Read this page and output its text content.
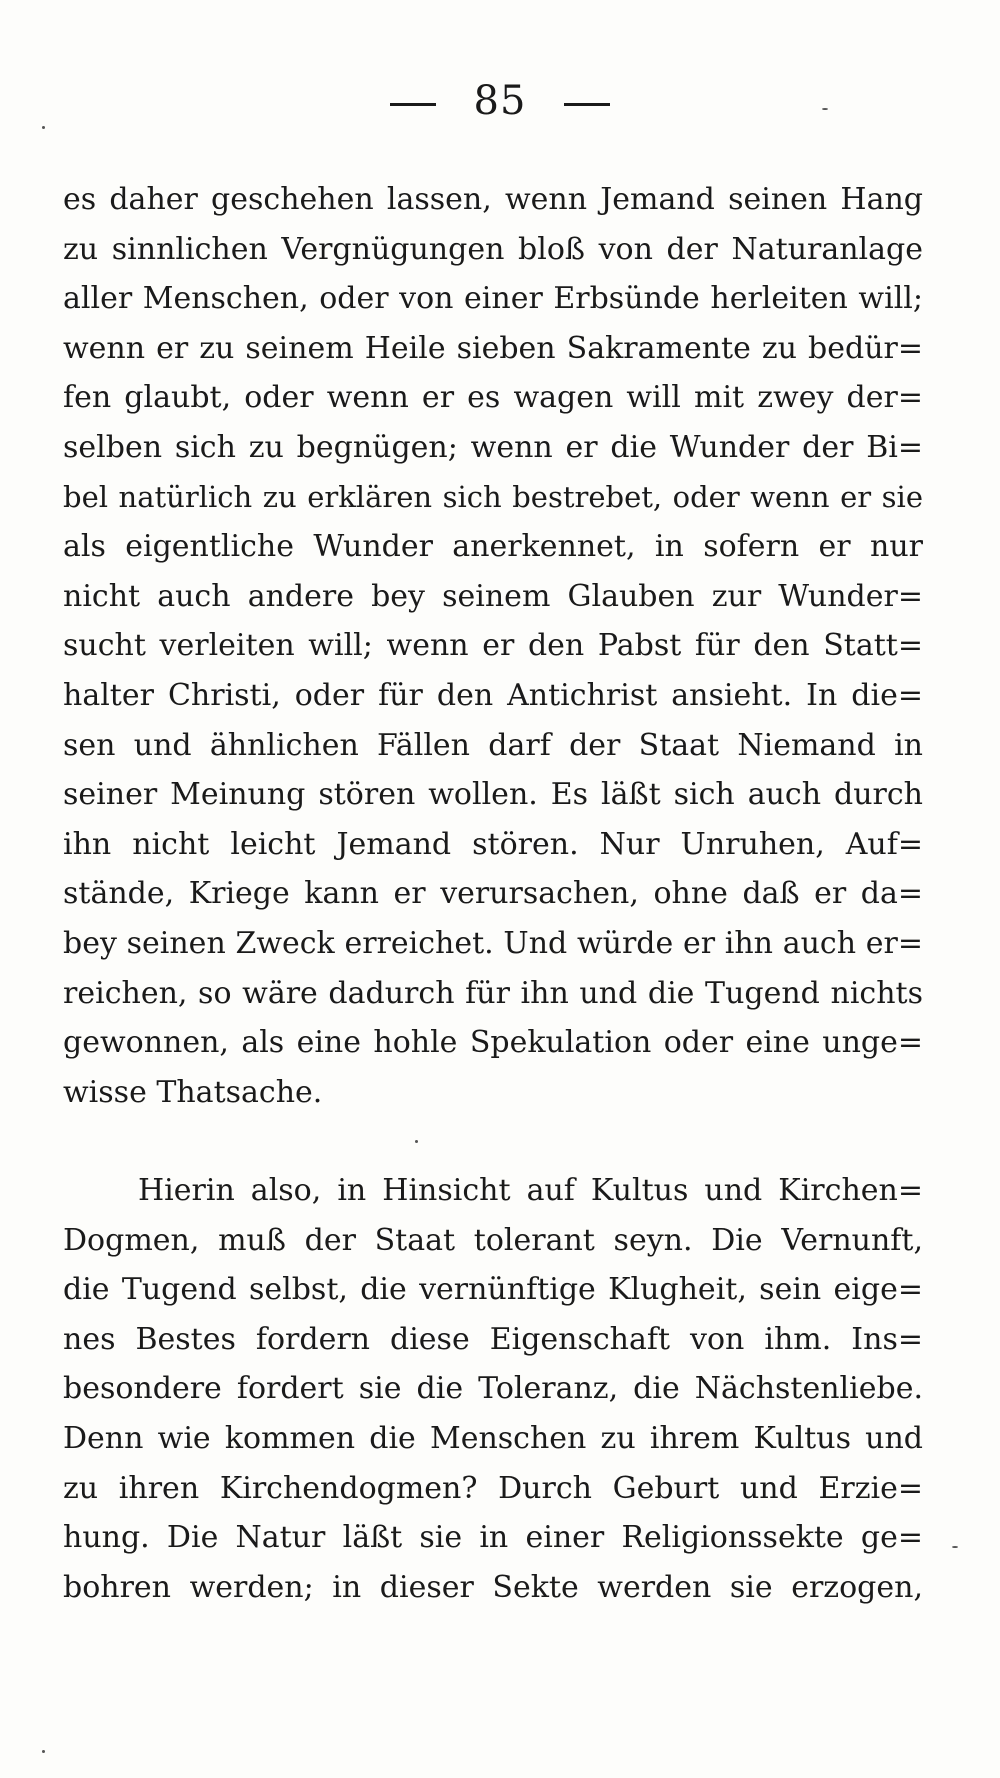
85
es daher geschehen lassen, wenn Jemand seinen Hang
zu sinnlichen Vergnügungen bloß von der Naturanlage
aller Menschen, oder von einer Erbsünde herleiten will;
wenn er zu seinem Heile sieben Sakramente zu bedür=
fen glaubt, oder wenn er es wagen will mit zwey der=
selben sich zu begnügen; wenn er die Wunder der Bi=
bel natürlich zu erklären sich bestrebet, oder wenn er sie
als eigentliche Wunder anerkennet, in sofern er nur
nicht auch andere bey seinem Glauben zur Wunder=
sucht verleiten will; wenn er den Pabst für den Statt=
halter Christi, oder für den Antichrist ansieht. In die=
sen und ähnlichen Fällen darf der Staat Niemand in
seiner Meinung stören wollen. Es läßt sich auch durch
ihn nicht leicht Jemand stören. Nur Unruhen, Auf=
stände, Kriege kann er verursachen, ohne daß er da=
bey seinen Zweck erreichet. Und würde er ihn auch er=
reichen, so wäre dadurch für ihn und die Tugend nichts
gewonnen, als eine hohle Spekulation oder eine unge=
wisse Thatsache.
Hierin also, in Hinsicht auf Kultus und Kirchen=
Dogmen, muß der Staat tolerant seyn. Die Vernunft,
die Tugend selbst, die vernünftige Klugheit, sein eige=
nes Bestes fordern diese Eigenschaft von ihm. Ins=
besondere fordert sie die Toleranz, die Nächstenliebe.
Denn wie kommen die Menschen zu ihrem Kultus und
zu ihren Kirchendogmen? Durch Geburt und Erzie=
hung. Die Natur läßt sie in einer Religionssekte ge=
bohren werden; in dieser Sekte werden sie erzogen,
